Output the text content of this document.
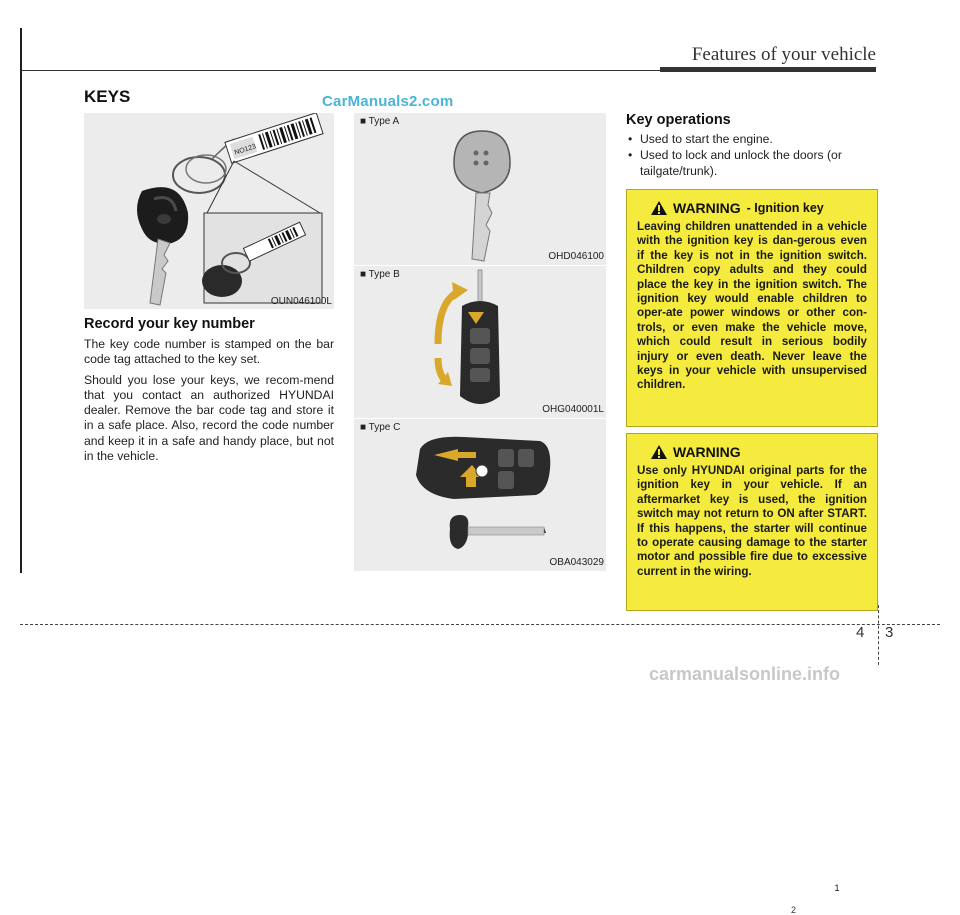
Features of your vehicle
KEYS	CarManuals2.com
NO123
OUN046100L
Record your key number

The key code number is stamped on the bar code tag attached to the key set.

Should you lose your keys, we recom-mend that you contact an authorized HYUNDAI dealer. Remove the bar code tag and store it in a safe place. Also, record the code number and keep it in a safe and handy place, but not in the vehicle.

■ Type A
OHD046100
■ Type B
OHG040001L
■ Type C
1
2
OBA043029
Key operations
• Used to start the engine.
• Used to lock and unlock the doors (or tailgate/trunk).
WARNING - Ignition key
Leaving children unattended in a vehicle with the ignition key is dan-gerous even if the key is not in the ignition switch. Children copy adults and they could place the key in the ignition switch. The ignition key would enable children to oper-ate power windows or other con-trols, or even make the vehicle move, which could result in serious bodily injury or even death. Never leave the keys in your vehicle with unsupervised children.
WARNING
Use only HYUNDAI original parts for the ignition key in your vehicle. If an aftermarket key is used, the ignition switch may not return to ON after START. If this happens, the starter will continue to operate causing damage to the starter motor and possible fire due to excessive current in the wiring.
4 3
carmanualsonline.info
